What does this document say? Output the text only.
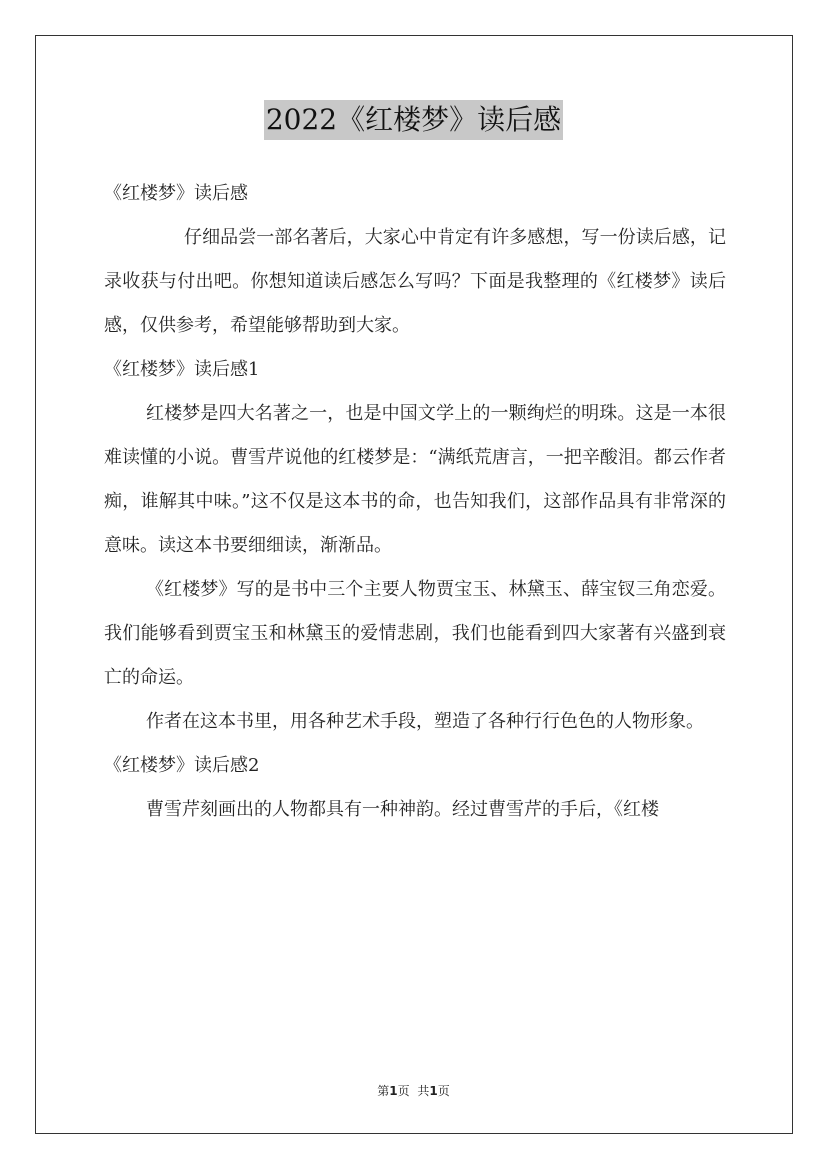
2022《红楼梦》读后感

《红楼梦》读后感

仔细品尝一部名著后，大家心中肯定有许多感想，写一份读后感，记录收获与付出吧。你想知道读后感怎么写吗？下面是我整理的《红楼梦》读后感，仅供参考，希望能够帮助到大家。

《红楼梦》读后感1

红楼梦是四大名著之一，也是中国文学上的一颗绚烂的明珠。这是一本很难读懂的小说。曹雪芹说他的红楼梦是：“满纸荒唐言，一把辛酸泪。都云作者痴，谁解其中味。”这不仅是这本书的命，也告知我们，这部作品具有非常深的意味。读这本书要细细读，渐渐品。

《红楼梦》写的是书中三个主要人物贾宝玉、林黛玉、薛宝钗三角恋爱。我们能够看到贾宝玉和林黛玉的爱情悲剧，我们也能看到四大家著有兴盛到衰亡的命运。

作者在这本书里，用各种艺术手段，塑造了各种行行色色的人物形象。

《红楼梦》读后感2

曹雪芹刻画出的人物都具有一种神韵。经过曹雪芹的手后，《红楼

第1页 共1页
